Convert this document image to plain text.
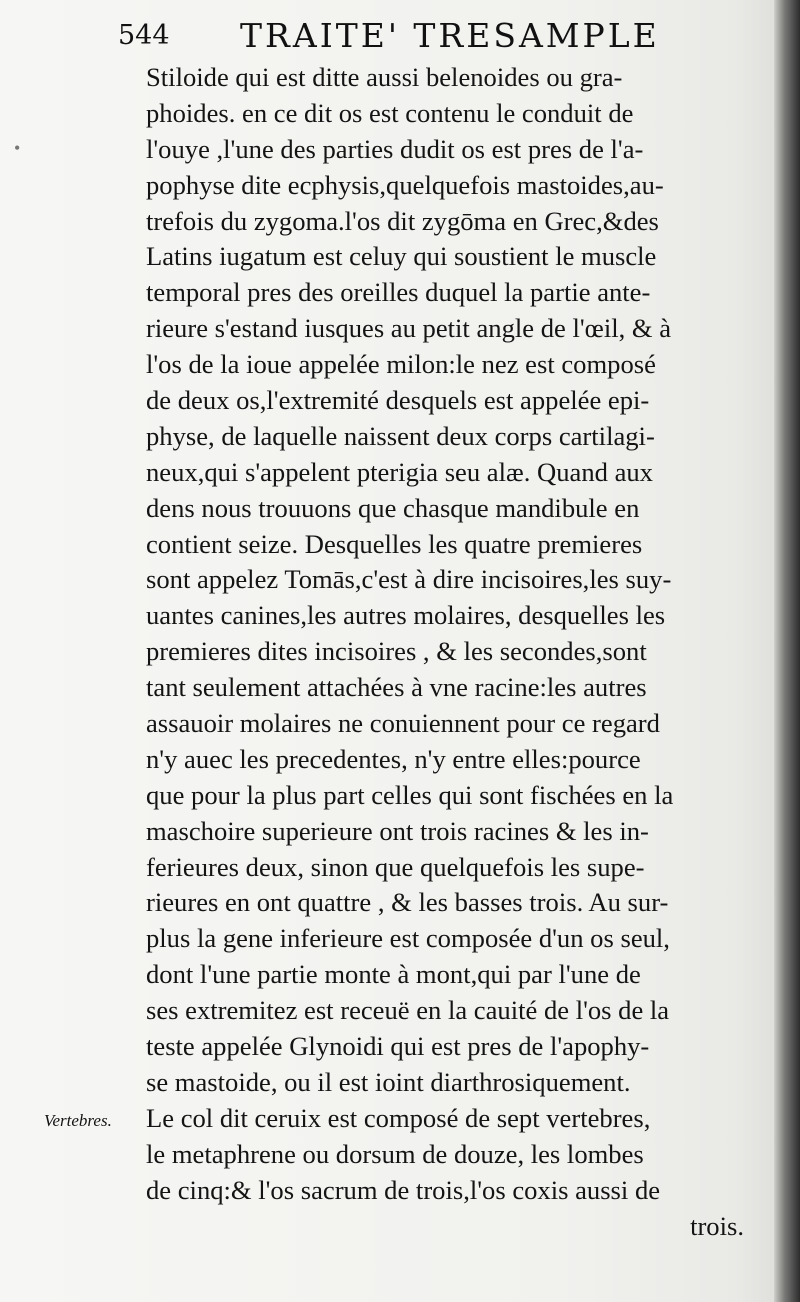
544 TRAITE' TRESAMPLE
Stiloide qui est ditte aussi belenoides ou gra-
phoides. en ce dit os est contenu le conduit de
l'ouye ,l'une des parties dudit os est pres de l'a-
pophyse dite ecphysis,quelquefois mastoides,au-
trefois du zygoma.l'os dit zygōma en Grec,&des
Latins iugatum est celuy qui soustient le muscle
temporal pres des oreilles duquel la partie ante-
rieure s'estand iusques au petit angle de l'œil, & à
l'os de la ioue appelée milon:le nez est composé
de deux os,l'extremité desquels est appelée epi-
physe, de laquelle naissent deux corps cartilagi-
neux,qui s'appelent pterigia seu alæ. Quand aux
dens nous trouuons que chasque mandibule en
contient seize. Desquelles les quatre premieres
sont appelez Tomās,c'est à dire incisoires,les suy-
uantes canines,les autres molaires, desquelles les
premieres dites incisoires , & les secondes,sont
tant seulement attachées à vne racine:les autres
assauoir molaires ne conuiennent pour ce regard
n'y auec les precedentes, n'y entre elles:pource
que pour la plus part celles qui sont fischées en la
maschoire superieure ont trois racines & les in-
ferieures deux, sinon que quelquefois les supe-
rieures en ont quattre , & les basses trois. Au sur-
plus la gene inferieure est composée d'un os seul,
dont l'une partie monte à mont,qui par l'une de
ses extremitez est receuë en la cauité de l'os de la
teste appelée Glynoidi qui est pres de l'apophy-
se mastoide, ou il est ioint diarthrosiquement.
Le col dit ceruix est composé de sept vertebres,
le metaphrene ou dorsum de douze, les lombes
de cinq:& l'os sacrum de trois,l'os coxis aussi de
trois.
Vertebres.
•
